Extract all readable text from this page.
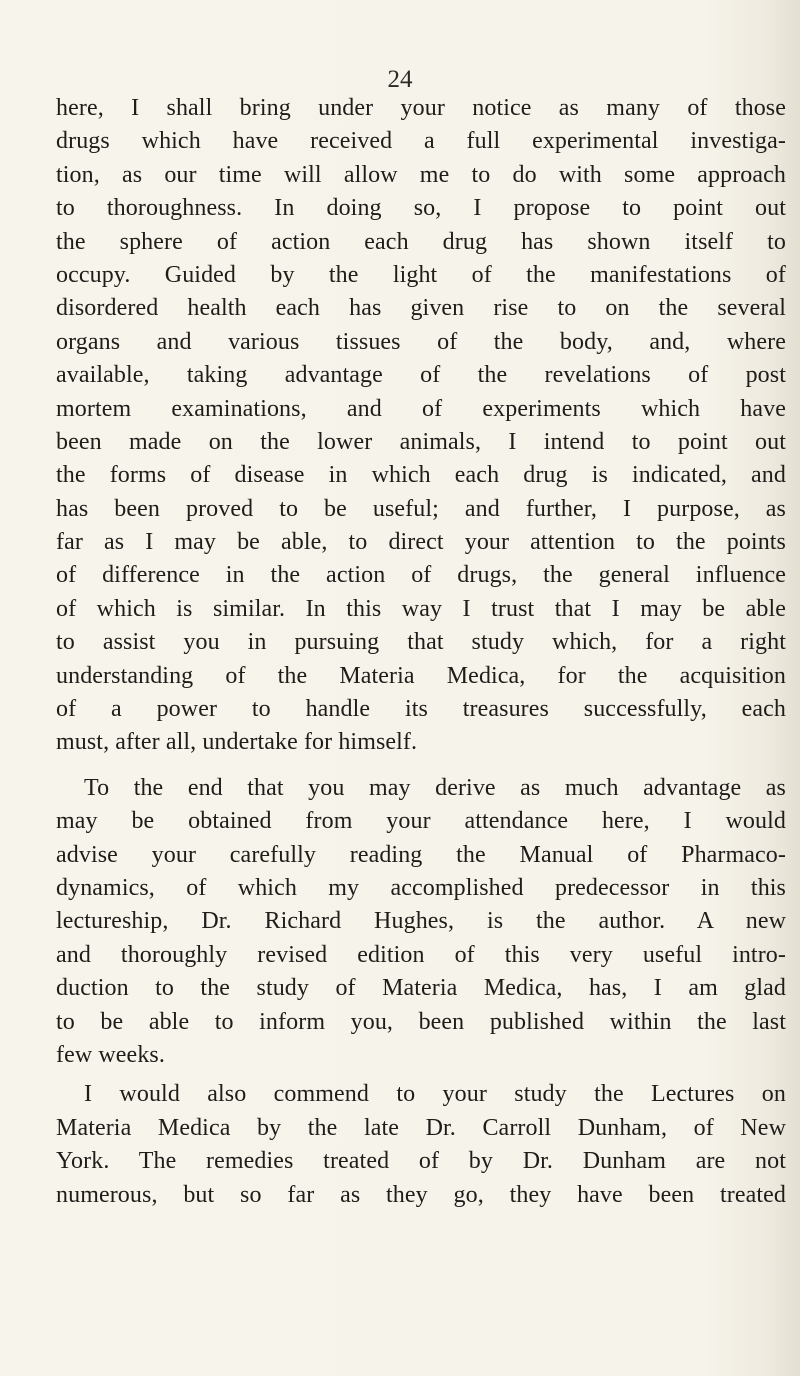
24
here, I shall bring under your notice as many of those
drugs which have received a full experimental investiga-
tion, as our time will allow me to do with some approach
to thoroughness. In doing so, I propose to point out
the sphere of action each drug has shown itself to
occupy. Guided by the light of the manifestations of
disordered health each has given rise to on the several
organs and various tissues of the body, and, where
available, taking advantage of the revelations of post
mortem examinations, and of experiments which have
been made on the lower animals, I intend to point out
the forms of disease in which each drug is indicated, and
has been proved to be useful; and further, I purpose, as
far as I may be able, to direct your attention to the points
of difference in the action of drugs, the general influence
of which is similar. In this way I trust that I may be able
to assist you in pursuing that study which, for a right
understanding of the Materia Medica, for the acquisition
of a power to handle its treasures successfully, each
must, after all, undertake for himself.
To the end that you may derive as much advantage as
may be obtained from your attendance here, I would
advise your carefully reading the Manual of Pharmaco-
dynamics, of which my accomplished predecessor in this
lectureship, Dr. Richard Hughes, is the author. A new
and thoroughly revised edition of this very useful intro-
duction to the study of Materia Medica, has, I am glad
to be able to inform you, been published within the last
few weeks.
I would also commend to your study the Lectures on
Materia Medica by the late Dr. Carroll Dunham, of New
York. The remedies treated of by Dr. Dunham are not
numerous, but so far as they go, they have been treated
